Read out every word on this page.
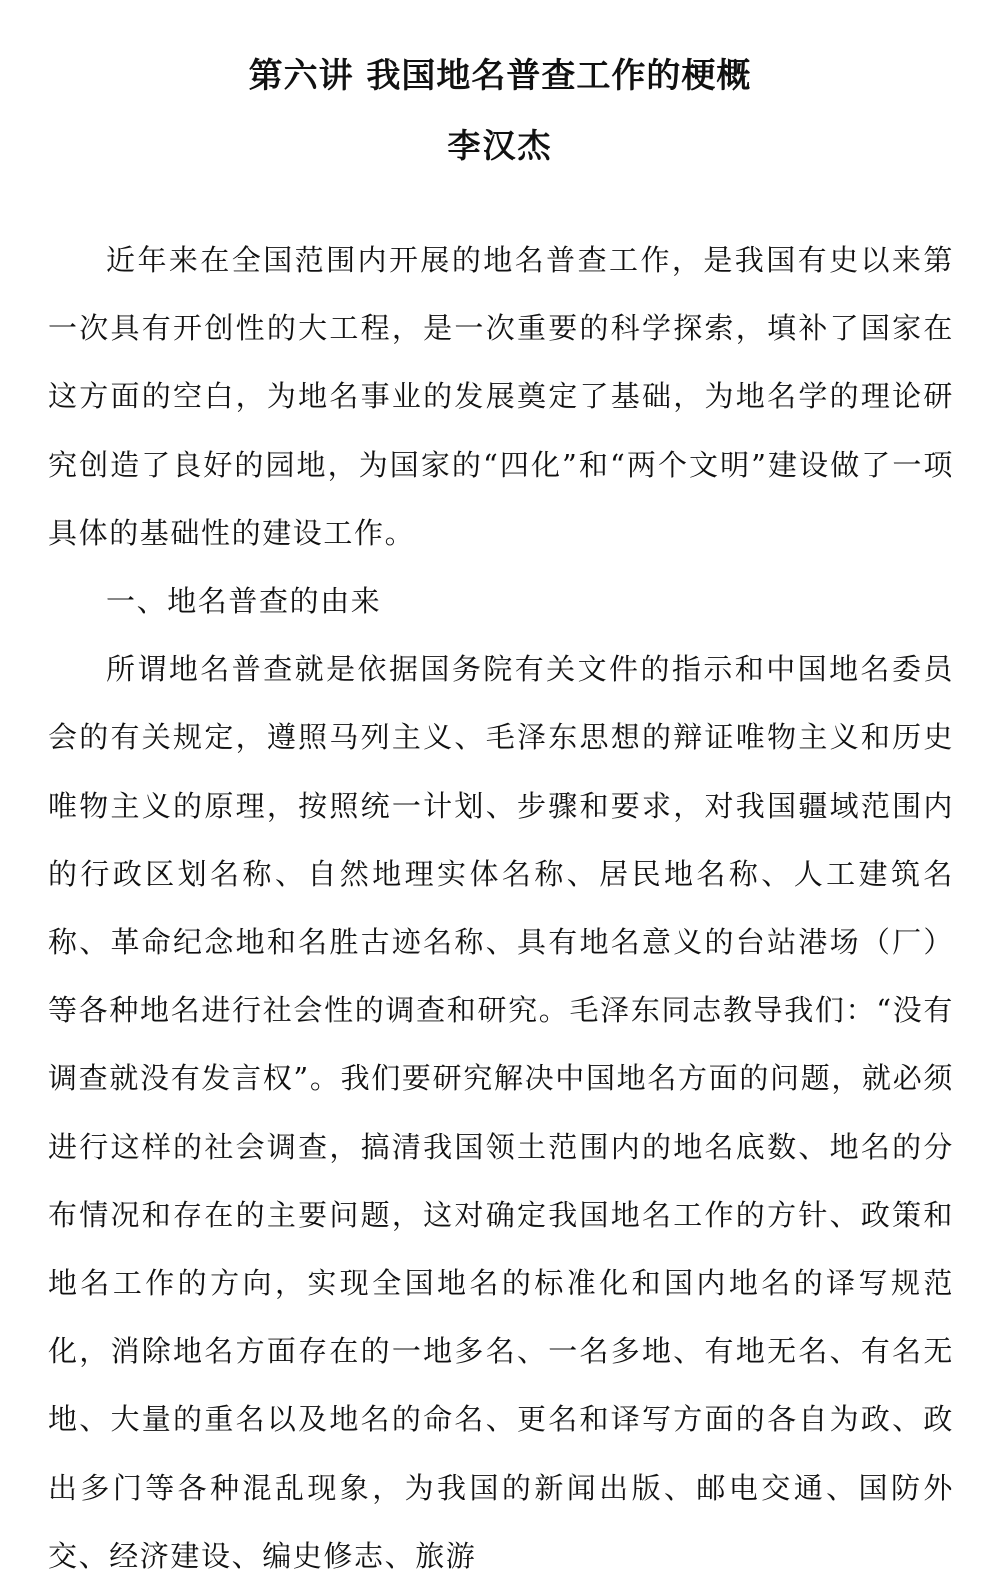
第六讲 我国地名普查工作的梗概
李汉杰

近年来在全国范围内开展的地名普查工作，是我国有史以来第一次具有开创性的大工程，是一次重要的科学探索，填补了国家在这方面的空白，为地名事业的发展奠定了基础，为地名学的理论研究创造了良好的园地，为国家的“四化”和“两个文明”建设做了一项具体的基础性的建设工作。

一、地名普查的由来

所谓地名普查就是依据国务院有关文件的指示和中国地名委员会的有关规定，遵照马列主义、毛泽东思想的辩证唯物主义和历史唯物主义的原理，按照统一计划、步骤和要求，对我国疆域范围内的行政区划名称、自然地理实体名称、居民地名称、人工建筑名称、革命纪念地和名胜古迹名称、具有地名意义的台站港场（厂）等各种地名进行社会性的调查和研究。毛泽东同志教导我们：“没有调查就没有发言权”。我们要研究解决中国地名方面的问题，就必须进行这样的社会调查，搞清我国领土范围内的地名底数、地名的分布情况和存在的主要问题，这对确定我国地名工作的方针、政策和地名工作的方向，实现全国地名的标准化和国内地名的译写规范化，消除地名方面存在的一地多名、一名多地、有地无名、有名无地、大量的重名以及地名的命名、更名和译写方面的各自为政、政出多门等各种混乱现象，为我国的新闻出版、邮电交通、国防外交、经济建设、编史修志、旅游
